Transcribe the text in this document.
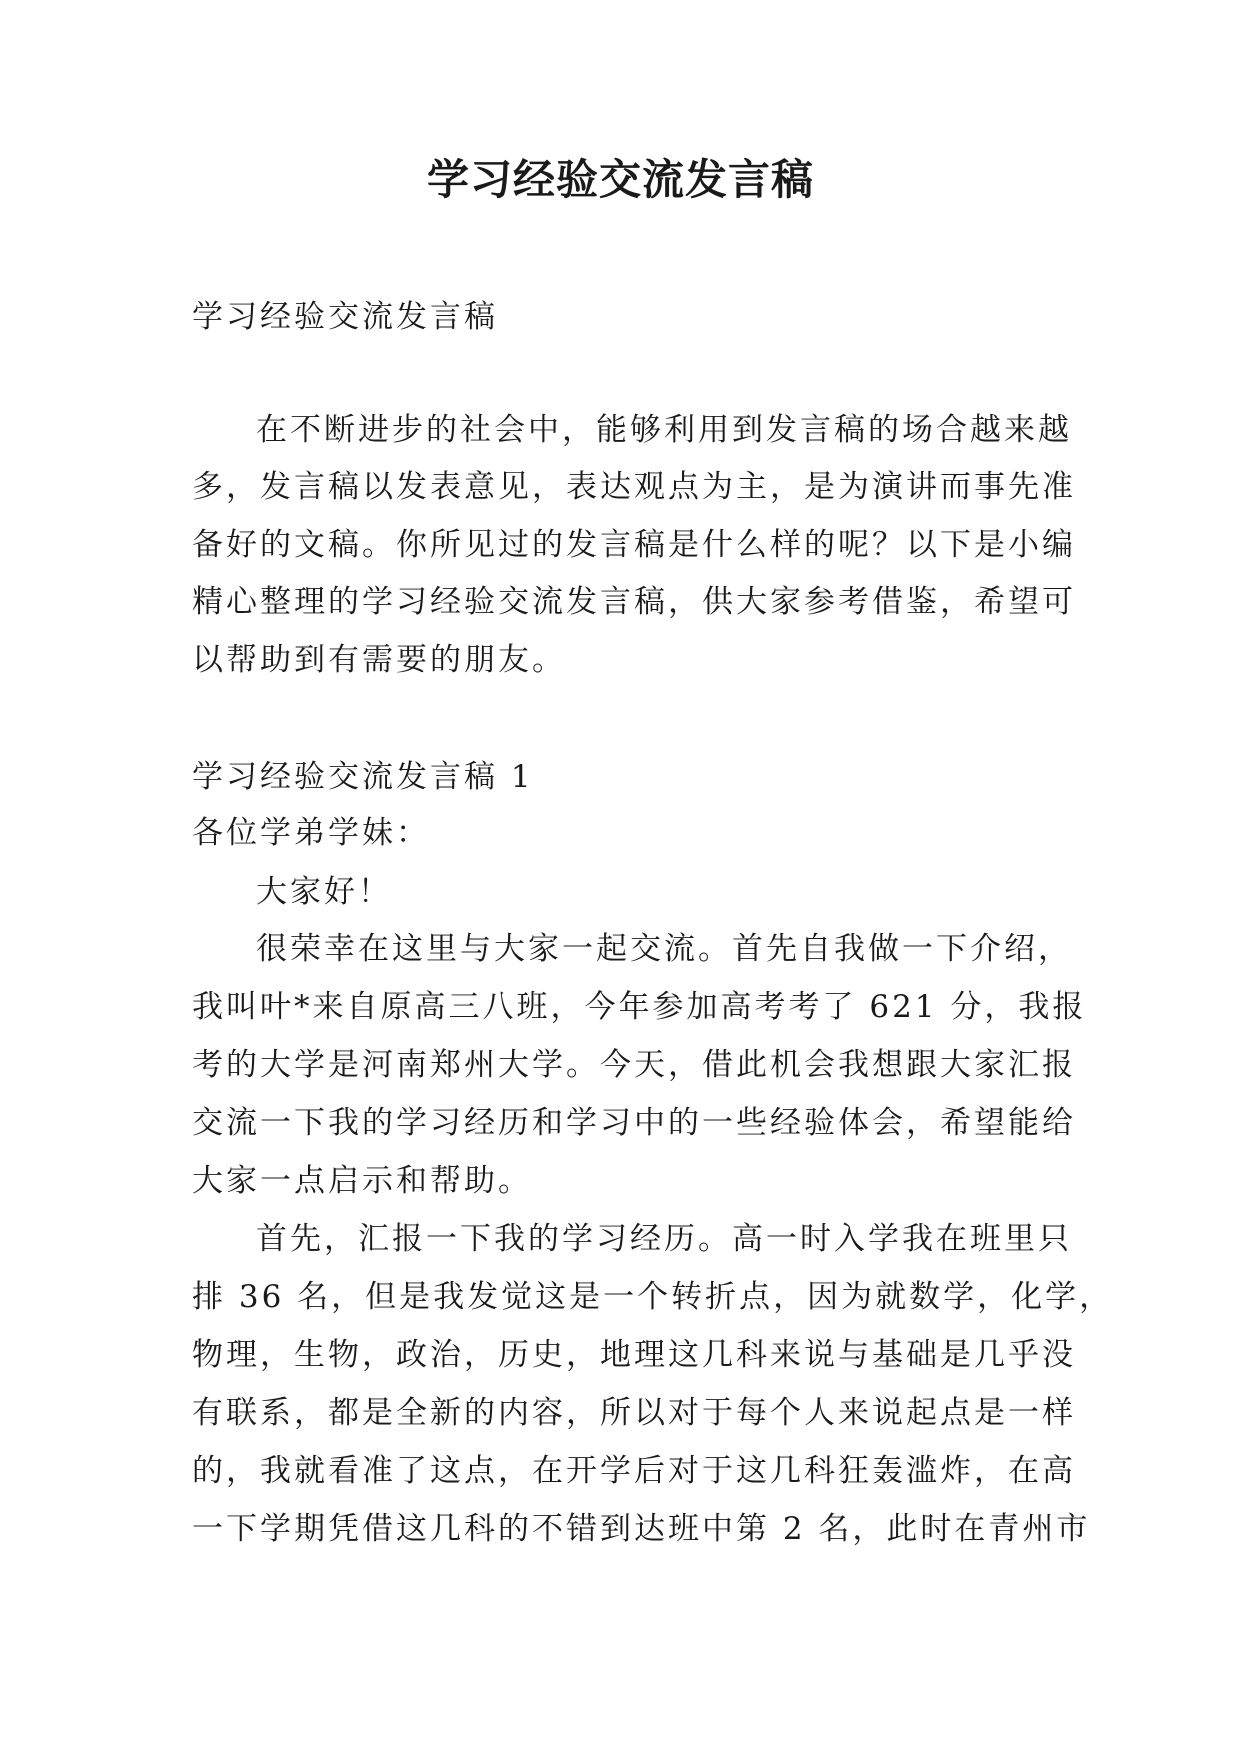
学习经验交流发言稿

学习经验交流发言稿

在不断进步的社会中，能够利用到发言稿的场合越来越

多，发言稿以发表意见，表达观点为主，是为演讲而事先准

备好的文稿。你所见过的发言稿是什么样的呢？以下是小编

精心整理的学习经验交流发言稿，供大家参考借鉴，希望可

以帮助到有需要的朋友。

学习经验交流发言稿 1

各位学弟学妹：

大家好！

很荣幸在这里与大家一起交流。首先自我做一下介绍，

我叫叶*来自原高三八班，今年参加高考考了 621 分，我报

考的大学是河南郑州大学。今天，借此机会我想跟大家汇报

交流一下我的学习经历和学习中的一些经验体会，希望能给

大家一点启示和帮助。

首先，汇报一下我的学习经历。高一时入学我在班里只

排 36 名，但是我发觉这是一个转折点，因为就数学，化学，

物理，生物，政治，历史，地理这几科来说与基础是几乎没

有联系，都是全新的内容，所以对于每个人来说起点是一样

的，我就看准了这点，在开学后对于这几科狂轰滥炸，在高

一下学期凭借这几科的不错到达班中第 2 名，此时在青州市
